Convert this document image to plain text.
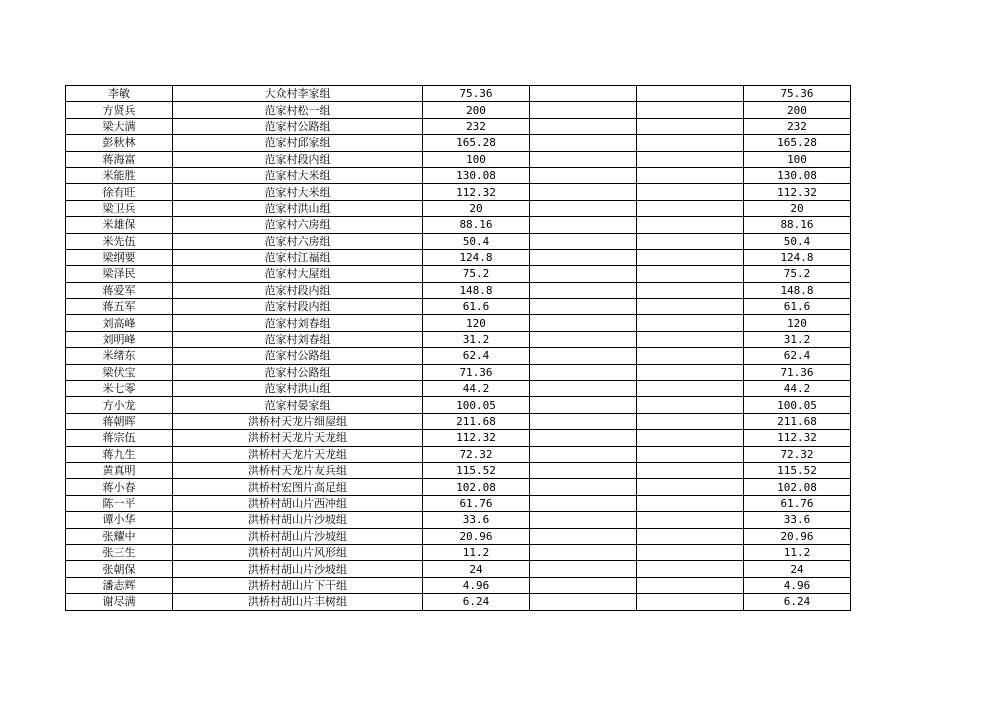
李敏	大众村李家组	75.36			75.36
方贤兵	范家村松一组	200			200
梁大满	范家村公路组	232			232
彭秋林	范家村邱家组	165.28			165.28
蒋海富	范家村段内组	100			100
米能胜	范家村大米组	130.08			130.08
徐有旺	范家村大米组	112.32			112.32
梁卫兵	范家村洪山组	20			20
米雄保	范家村六房组	88.16			88.16
米先伍	范家村六房组	50.4			50.4
梁纲要	范家村江福组	124.8			124.8
梁泽民	范家村大屋组	75.2			75.2
蒋爱军	范家村段内组	148.8			148.8
蒋五军	范家村段内组	61.6			61.6
刘高峰	范家村刘春组	120			120
刘明峰	范家村刘春组	31.2			31.2
米绪东	范家村公路组	62.4			62.4
梁伏宝	范家村公路组	71.36			71.36
米七零	范家村洪山组	44.2			44.2
方小龙	范家村晏家组	100.05			100.05
蒋朝晖	洪桥村天龙片细屋组	211.68			211.68
蒋宗伍	洪桥村天龙片天龙组	112.32			112.32
蒋九生	洪桥村天龙片天龙组	72.32			72.32
黄真明	洪桥村天龙片友兵组	115.52			115.52
蒋小春	洪桥村宏图片高足组	102.08			102.08
陈一平	洪桥村胡山片西冲组	61.76			61.76
谭小华	洪桥村胡山片沙坡组	33.6			33.6
张耀中	洪桥村胡山片沙坡组	20.96			20.96
张三生	洪桥村胡山片风形组	11.2			11.2
张朝保	洪桥村胡山片沙坡组	24			24
潘志辉	洪桥村胡山片下干组	4.96			4.96
谢尽满	洪桥村胡山片丰树组	6.24			6.24
